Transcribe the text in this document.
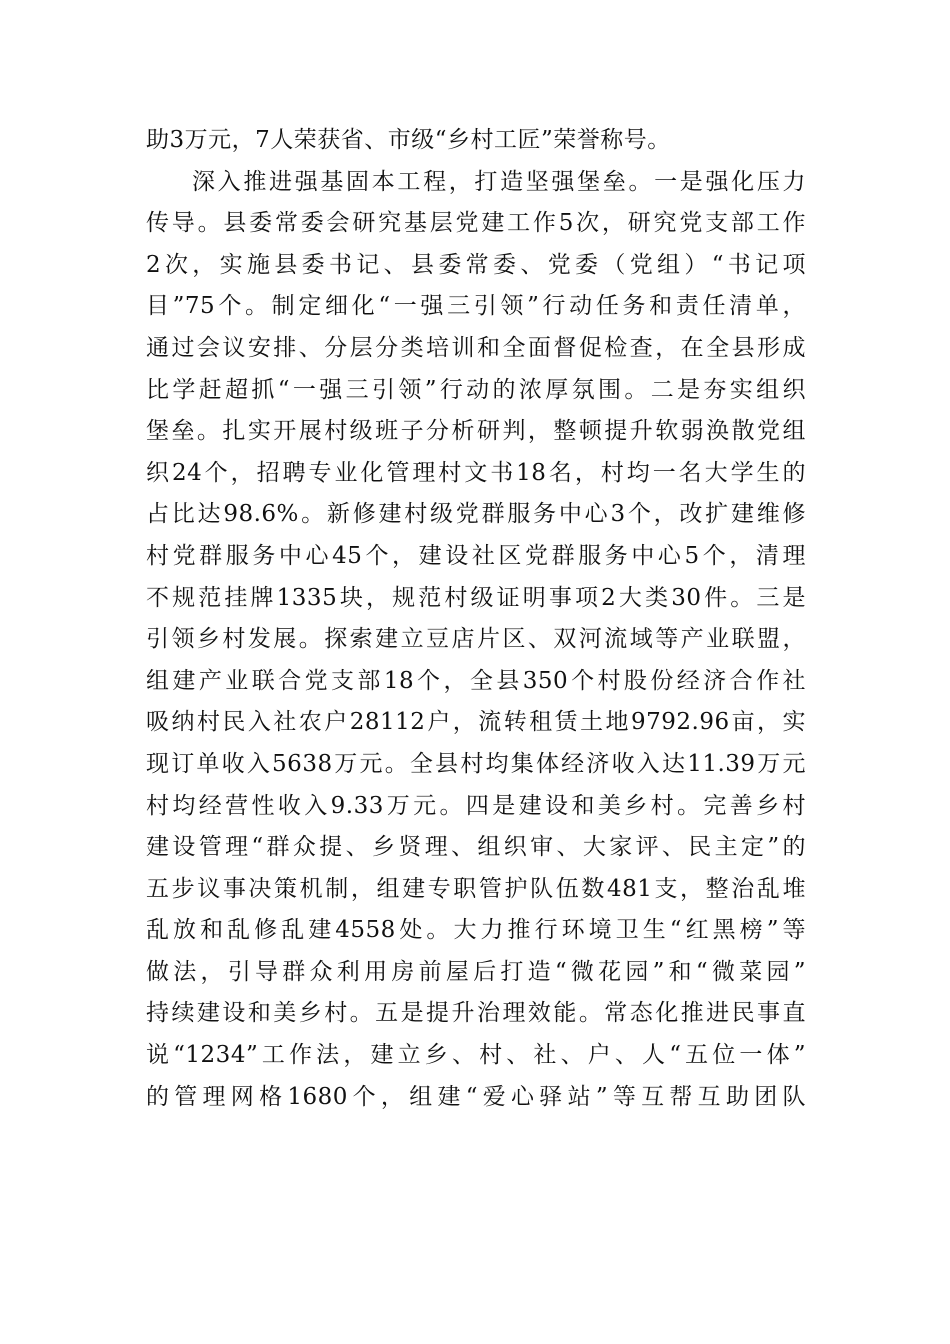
助3万元，7人荣获省、市级“乡村工匠”荣誉称号。
深入推进强基固本工程，打造坚强堡垒。一是强化压力
传导。县委常委会研究基层党建工作5次，研究党支部工作
2次，实施县委书记、县委常委、党委（党组）“书记项
目”75个。制定细化“一强三引领”行动任务和责任清单，
通过会议安排、分层分类培训和全面督促检查，在全县形成
比学赶超抓“一强三引领”行动的浓厚氛围。二是夯实组织
堡垒。扎实开展村级班子分析研判，整顿提升软弱涣散党组
织24个，招聘专业化管理村文书18名，村均一名大学生的
占比达98.6%。新修建村级党群服务中心3个，改扩建维修
村党群服务中心45个，建设社区党群服务中心5个，清理
不规范挂牌1335块，规范村级证明事项2大类30件。三是
引领乡村发展。探索建立豆店片区、双河流域等产业联盟，
组建产业联合党支部18个，全县350个村股份经济合作社
吸纳村民入社农户28112户，流转租赁土地9792.96亩，实
现订单收入5638万元。全县村均集体经济收入达11.39万元
村均经营性收入9.33万元。四是建设和美乡村。完善乡村
建设管理“群众提、乡贤理、组织审、大家评、民主定”的
五步议事决策机制，组建专职管护队伍数481支，整治乱堆
乱放和乱修乱建4558处。大力推行环境卫生“红黑榜”等
做法，引导群众利用房前屋后打造“微花园”和“微菜园”
持续建设和美乡村。五是提升治理效能。常态化推进民事直
说“1234”工作法，建立乡、村、社、户、人“五位一体”
的管理网格1680个，组建“爱心驿站”等互帮互助团队
